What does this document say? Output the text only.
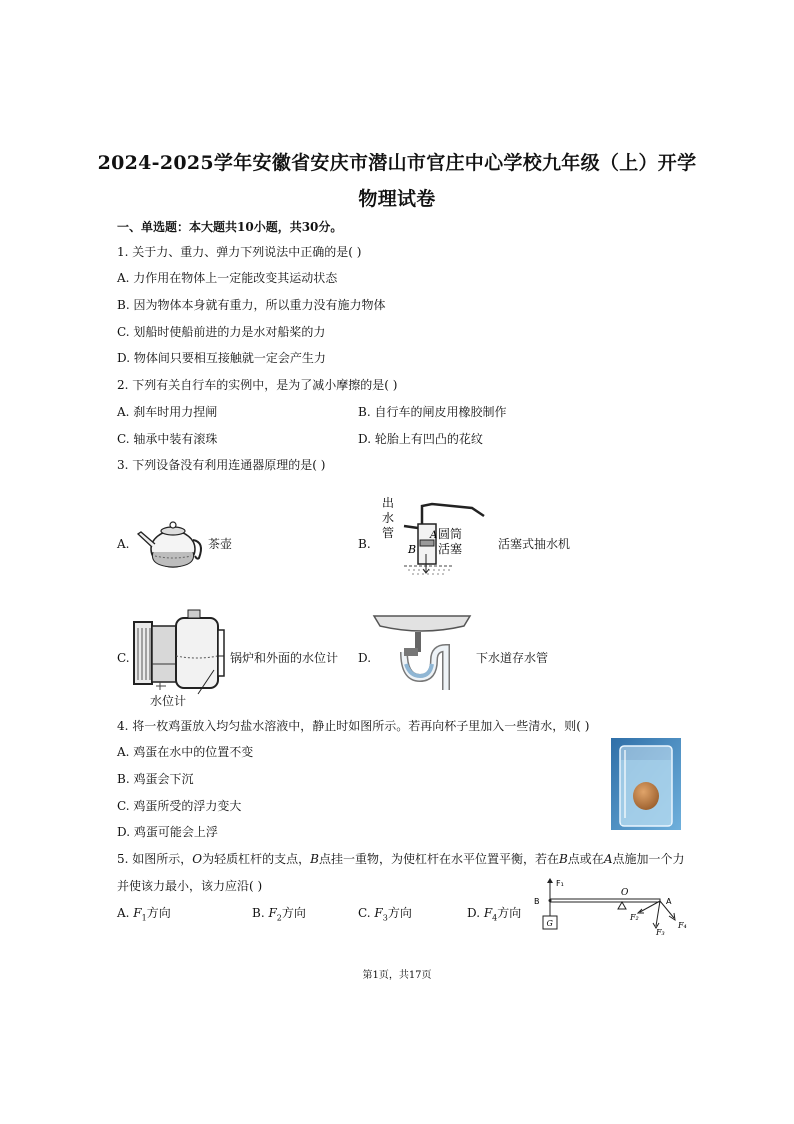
2024-2025学年安徽省安庆市潜山市官庄中心学校九年级（上）开学
物理试卷
一、单选题：本大题共10小题，共30分。
1. 关于力、重力、弹力下列说法中正确的是( )
A. 力作用在物体上一定能改变其运动状态
B. 因为物体本身就有重力，所以重力没有施力物体
C. 划船时使船前进的力是水对船桨的力
D. 物体间只要相互接触就一定会产生力
2. 下列有关自行车的实例中，是为了减小摩擦的是( )
A. 刹车时用力捏闸	B. 自行车的闸皮用橡胶制作
C. 轴承中装有滚珠	D. 轮胎上有凹凸的花纹
3. 下列设备没有利用连通器原理的是( )
A.	茶壶	B.
出
水
管	圆筒
活塞
B
A
活塞式抽水机
C.
水位计
锅炉和外面的水位计 D.	下水道存水管
4. 将一枚鸡蛋放入均匀盐水溶液中，静止时如图所示。若再向杯子里加入一些清水，则( )
A. 鸡蛋在水中的位置不变
B. 鸡蛋会下沉
C. 鸡蛋所受的浮力变大
D. 鸡蛋可能会上浮
5. 如图所示，O为轻质杠杆的支点，B点挂一重物，为使杠杆在水平位置平衡，若在B点或在A点施加一个力
并使该力最小，该力应沿( )
A. $F_1$方向	B. $F_2$方向	C. $F_3$方向	D. $F_4$方向
F₁
B
G
O
A
F₂
F₃
F₄
第1页，共17页
